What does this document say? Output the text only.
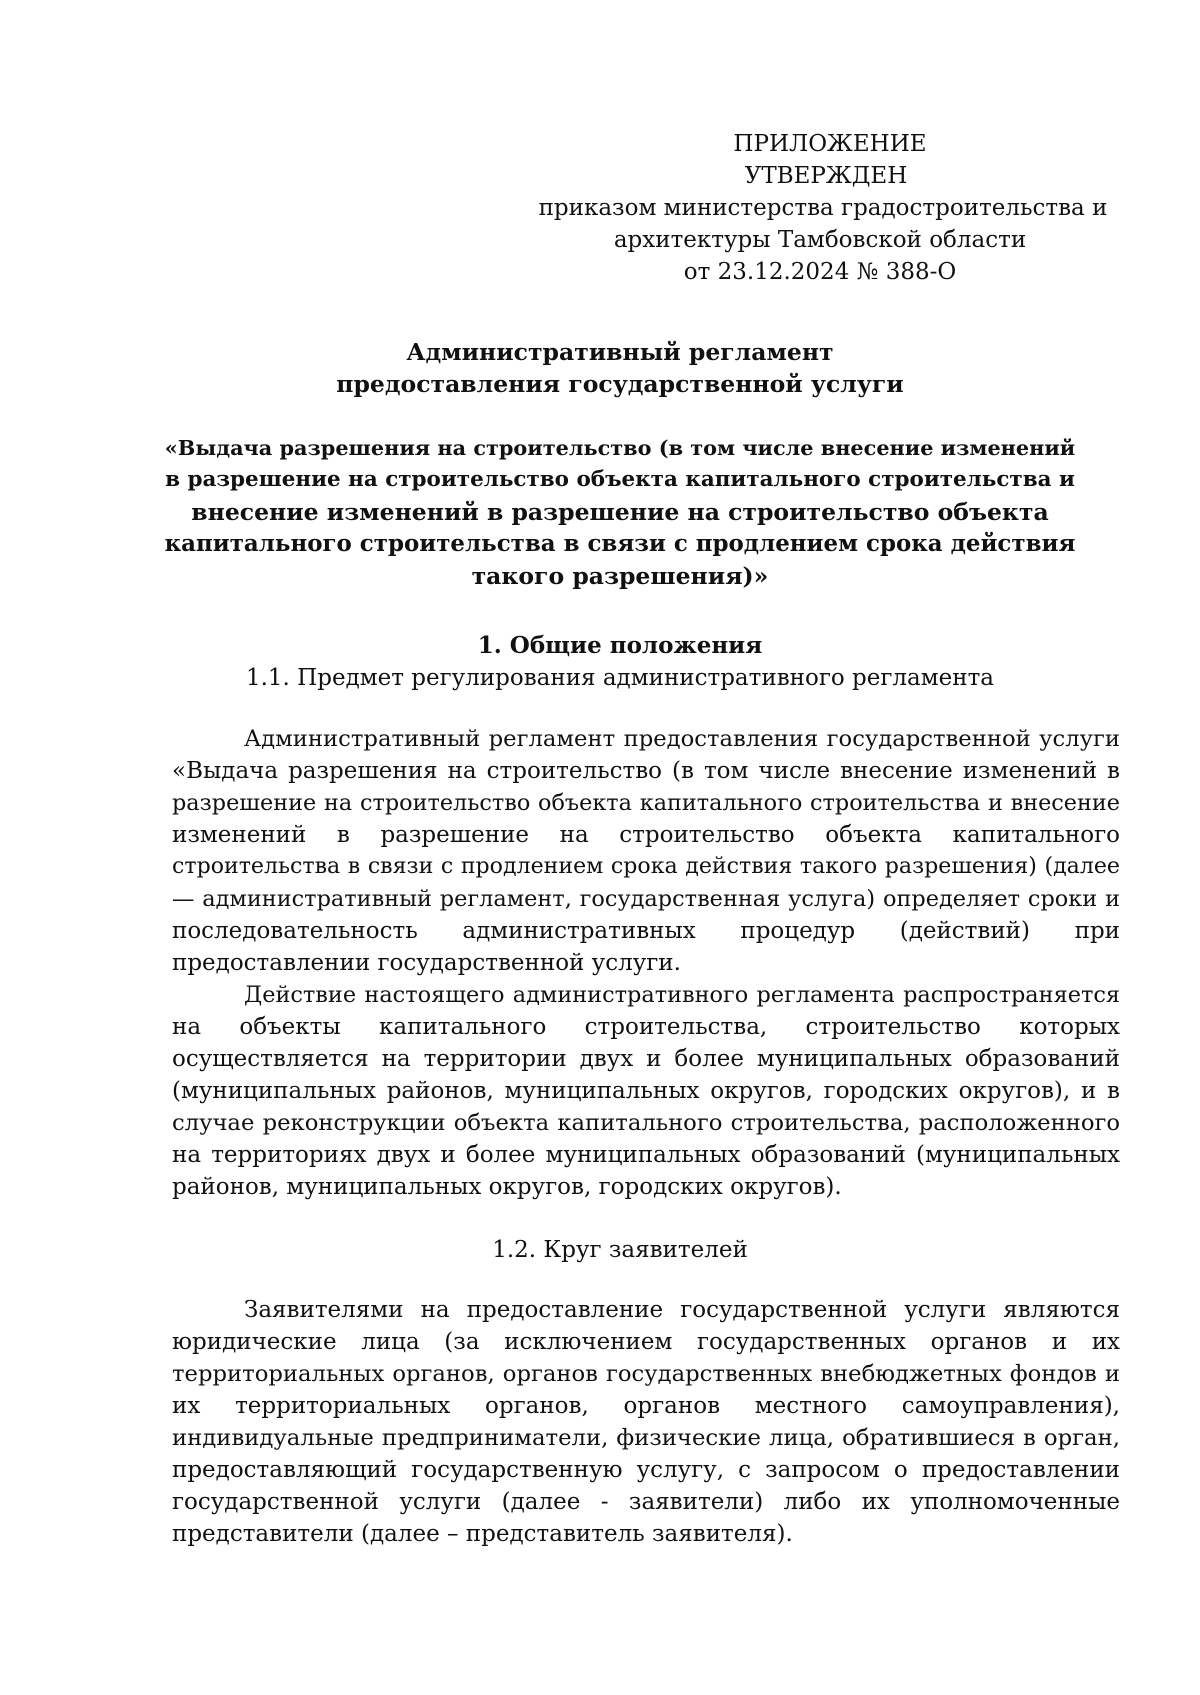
ПРИЛОЖЕНИЕ
УТВЕРЖДЕН
приказом министерства градостроительства и
архитектуры Тамбовской области
от 23.12.2024 № 388-О
Административный регламент
предоставления государственной услуги
«Выдача разрешения на строительство (в том числе внесение изменений
в разрешение на строительство объекта капитального строительства и
внесение изменений в разрешение на строительство объекта
капитального строительства в связи с продлением срока действия
такого разрешения)»
1. Общие положения
1.1. Предмет регулирования административного регламента
Административный регламент предоставления государственной услуги
«Выдача разрешения на строительство (в том числе внесение изменений в
разрешение на строительство объекта капитального строительства и внесение
изменений в разрешение на строительство объекта капитального
строительства в связи с продлением срока действия такого разрешения) (далее
— административный регламент, государственная услуга) определяет сроки и
последовательность административных процедур (действий) при
предоставлении государственной услуги.
Действие настоящего административного регламента распространяется
на объекты капитального строительства, строительство которых
осуществляется на территории двух и более муниципальных образований
(муниципальных районов, муниципальных округов, городских округов), и в
случае реконструкции объекта капитального строительства, расположенного
на территориях двух и более муниципальных образований (муниципальных
районов, муниципальных округов, городских округов).
1.2. Круг заявителей
Заявителями на предоставление государственной услуги являются
юридические лица (за исключением государственных органов и их
территориальных органов, органов государственных внебюджетных фондов и
их территориальных органов, органов местного самоуправления),
индивидуальные предприниматели, физические лица, обратившиеся в орган,
предоставляющий государственную услугу, с запросом о предоставлении
государственной услуги (далее - заявители) либо их уполномоченные
представители (далее – представитель заявителя).
